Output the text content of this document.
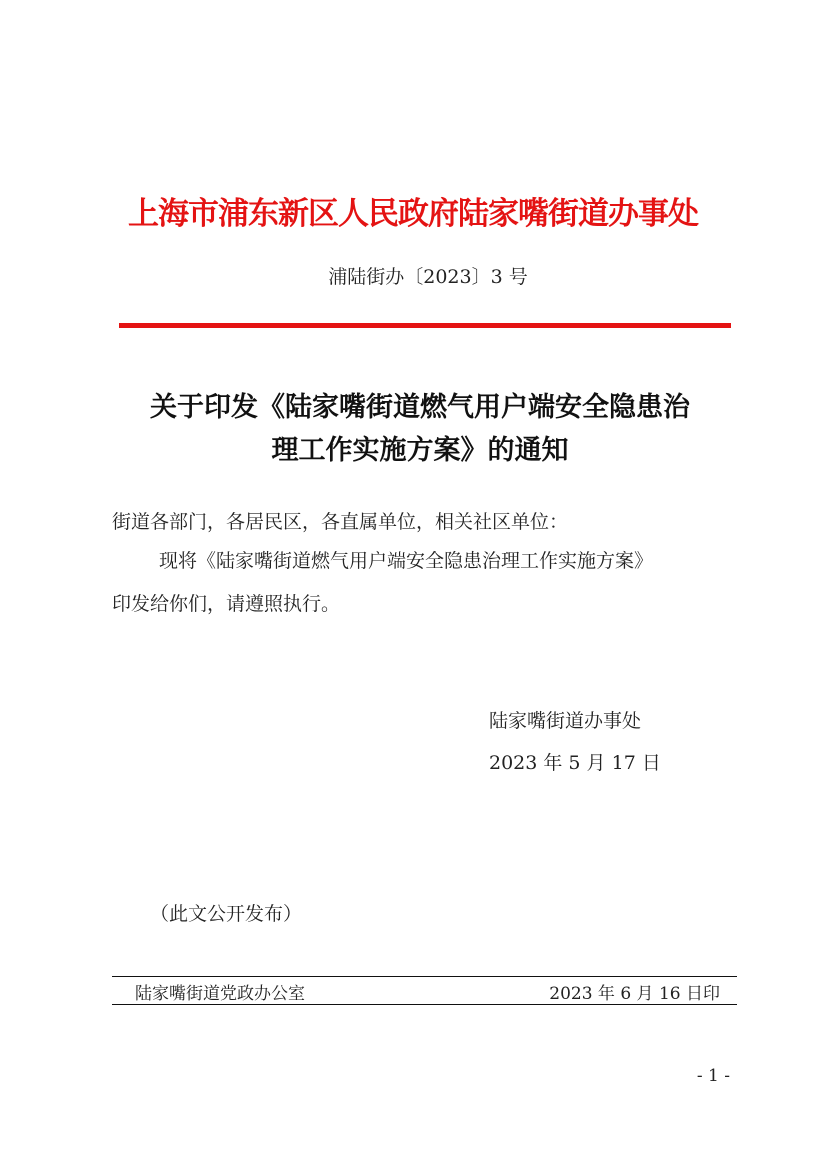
上海市浦东新区人民政府陆家嘴街道办事处
浦陆街办〔2023〕3 号
关于印发《陆家嘴街道燃气用户端安全隐患治
理工作实施方案》的通知
街道各部门，各居民区，各直属单位，相关社区单位：
现将《陆家嘴街道燃气用户端安全隐患治理工作实施方案》
印发给你们，请遵照执行。
陆家嘴街道办事处
2023 年 5 月 17 日
（此文公开发布）
陆家嘴街道党政办公室	2023 年 6 月 16 日印
- 1 -
